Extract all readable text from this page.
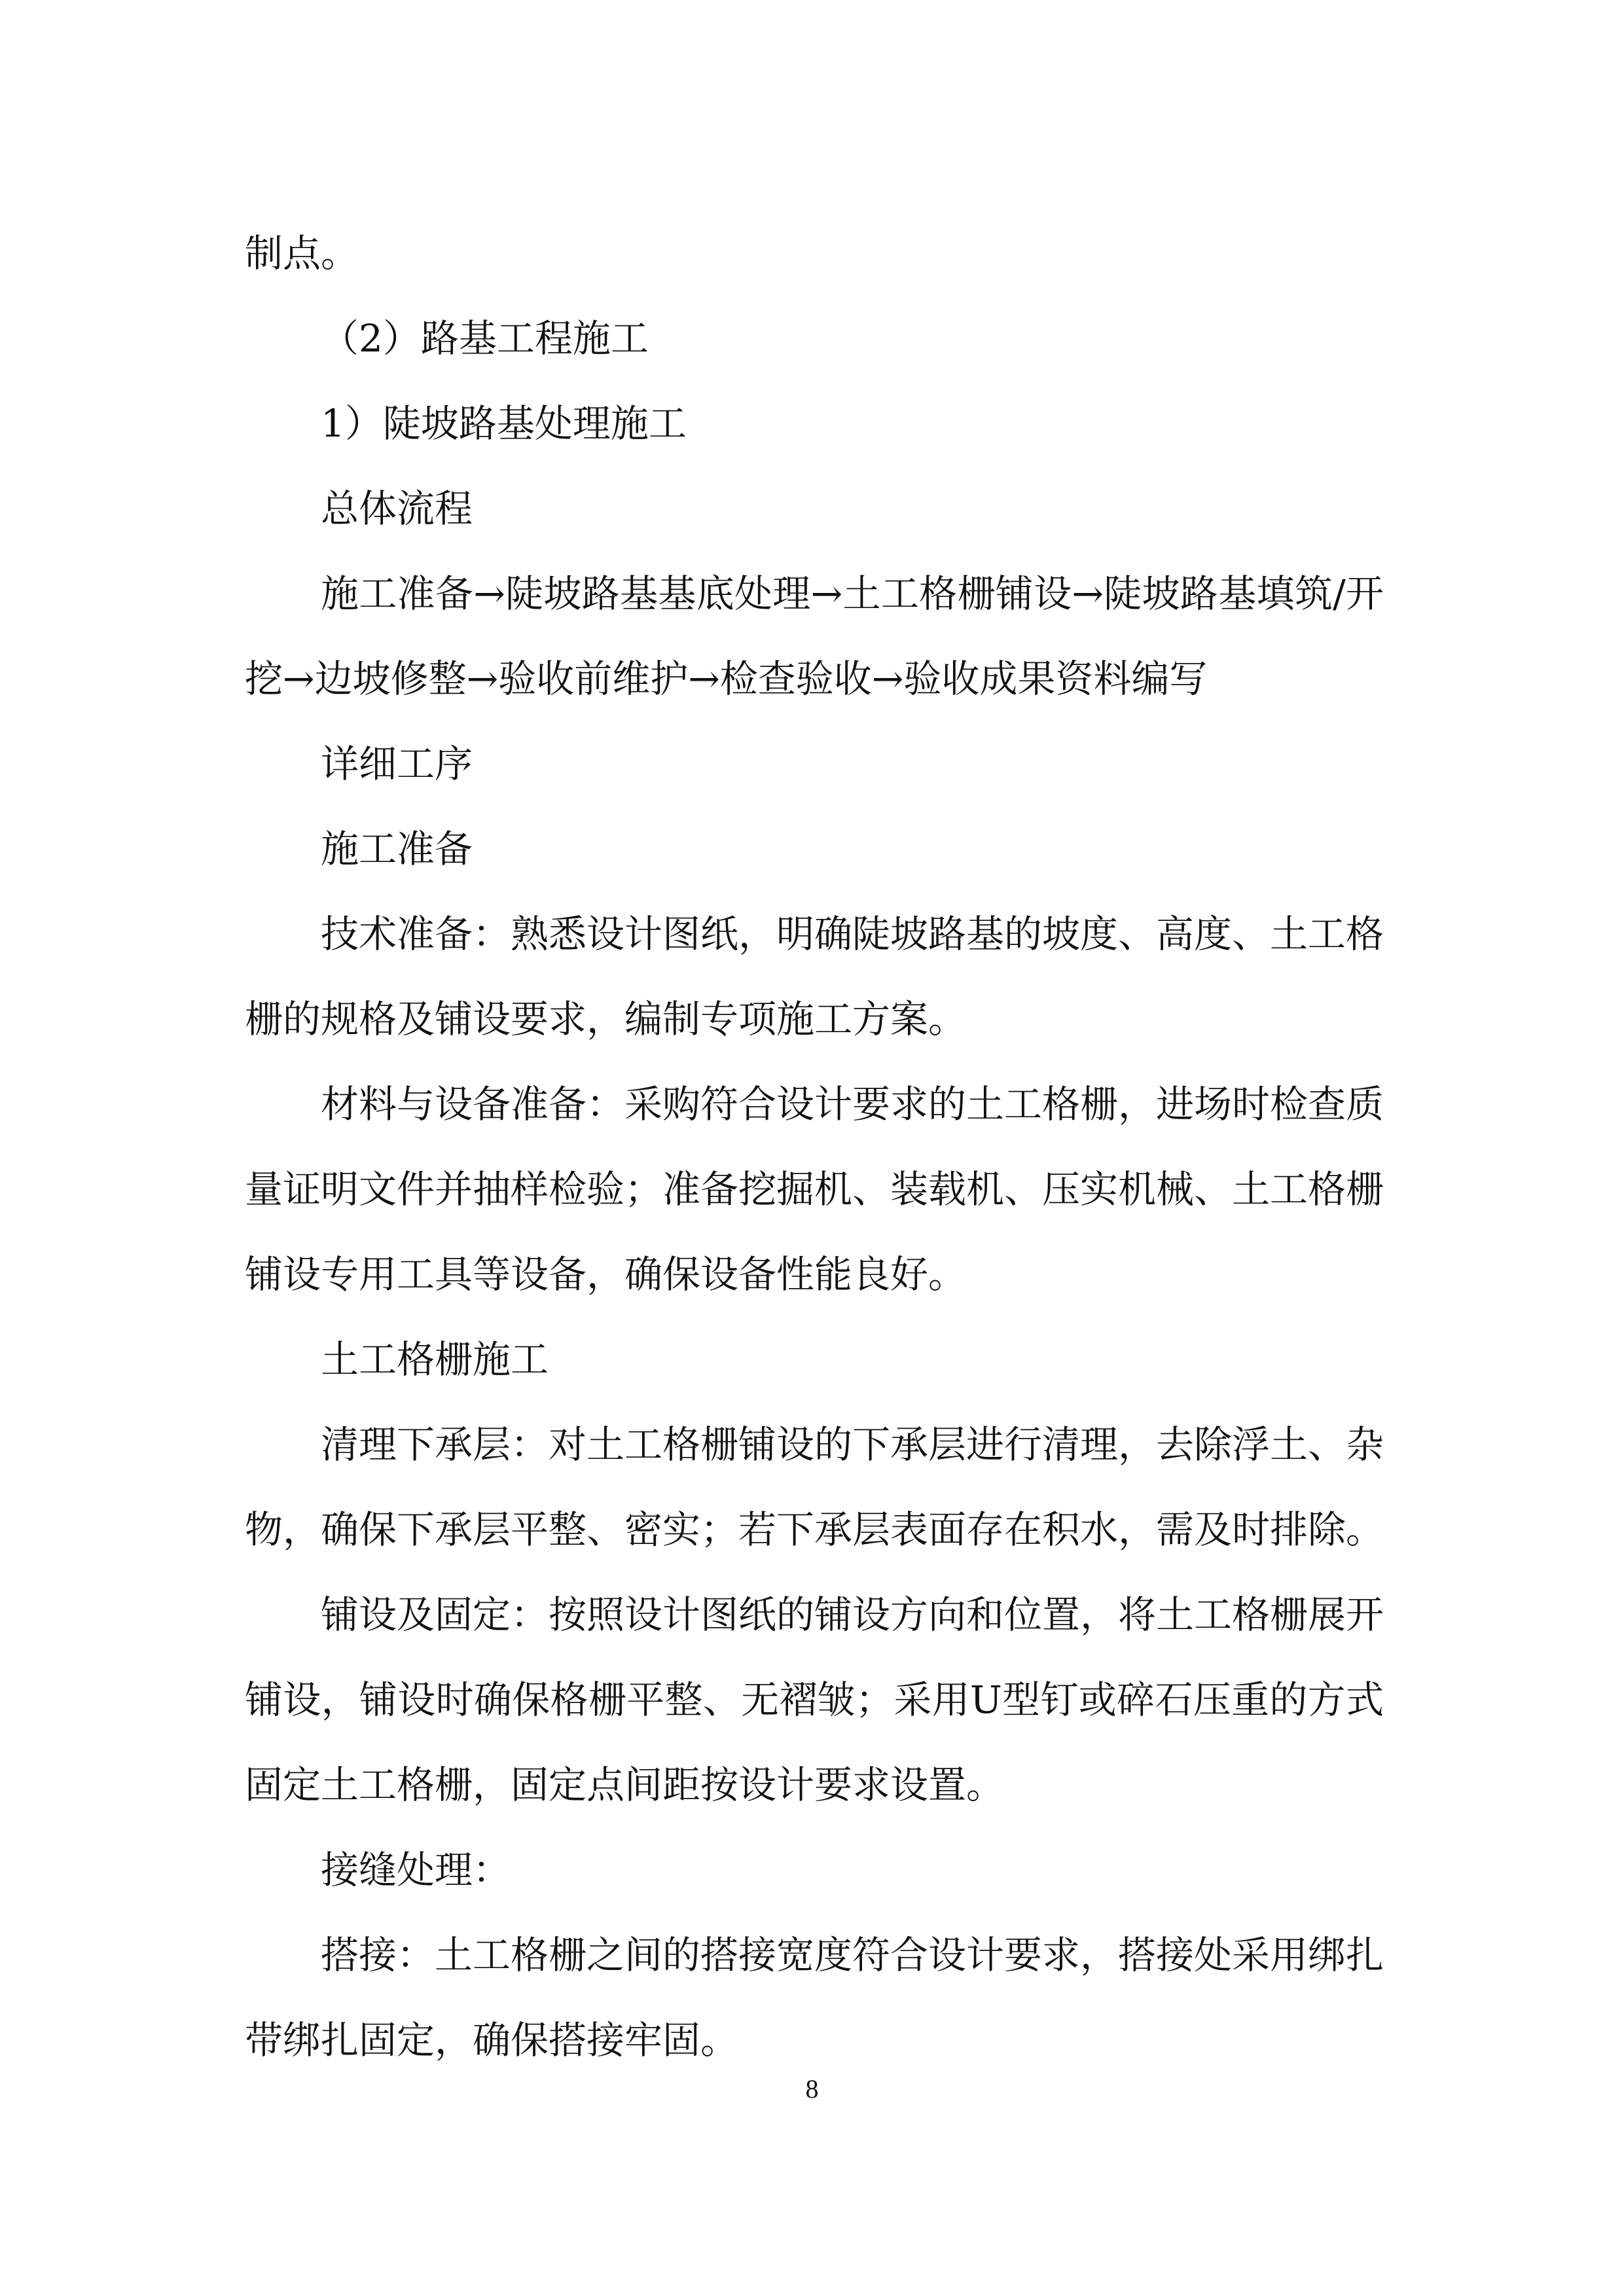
制点。

（2）路基工程施工

1）陡坡路基处理施工

总体流程

施工准备→陡坡路基基底处理→土工格栅铺设→陡坡路基填筑/开挖→边坡修整→验收前维护→检查验收→验收成果资料编写

详细工序

施工准备

技术准备：熟悉设计图纸，明确陡坡路基的坡度、高度、土工格栅的规格及铺设要求，编制专项施工方案。

材料与设备准备：采购符合设计要求的土工格栅，进场时检查质量证明文件并抽样检验；准备挖掘机、装载机、压实机械、土工格栅铺设专用工具等设备，确保设备性能良好。

土工格栅施工

清理下承层：对土工格栅铺设的下承层进行清理，去除浮土、杂物，确保下承层平整、密实；若下承层表面存在积水，需及时排除。

铺设及固定：按照设计图纸的铺设方向和位置，将土工格栅展开铺设，铺设时确保格栅平整、无褶皱；采用U型钉或碎石压重的方式固定土工格栅，固定点间距按设计要求设置。

接缝处理：

搭接：土工格栅之间的搭接宽度符合设计要求，搭接处采用绑扎带绑扎固定，确保搭接牢固。

8
